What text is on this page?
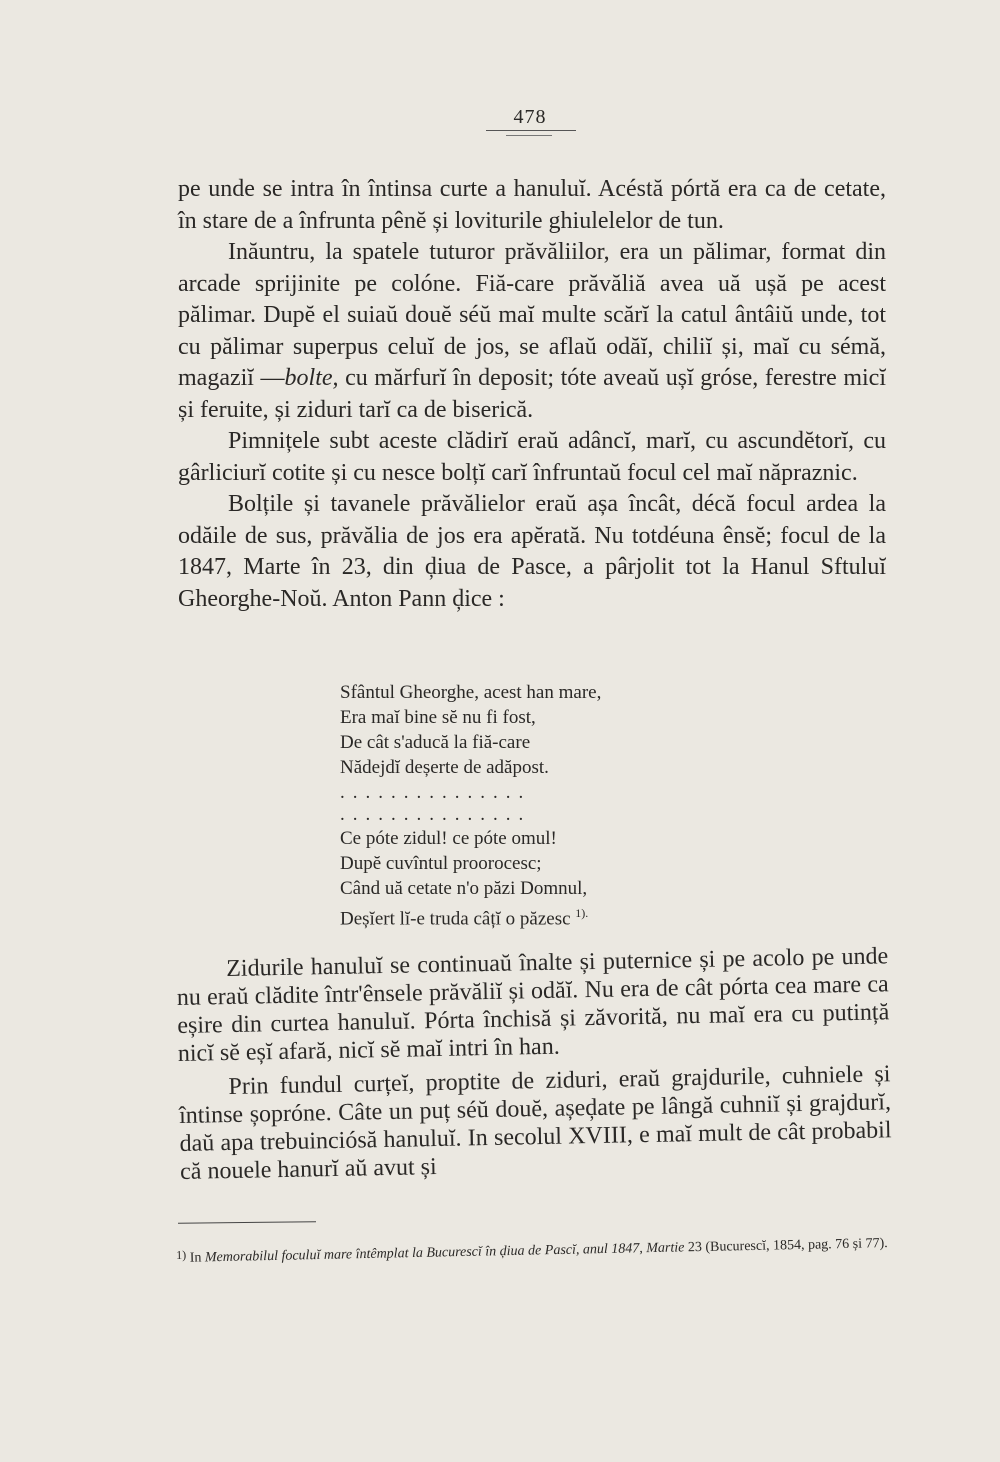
478

pe unde se intra în întinsa curte a hanuluĭ. Acéstă pórtă era ca de cetate, în stare de a înfrunta pênĕ și loviturile ghiulelelor de tun.

Inăuntru, la spatele tuturor prăvăliilor, era un pălimar, format din arcade sprijinite pe colóne. Fiă-care prăvăliă avea uă ușă pe acest pălimar. Dupĕ el suiaŭ douĕ séŭ maĭ multe scărĭ la catul ântâiŭ unde, tot cu pălimar superpus celuĭ de jos, se aflaŭ odăĭ, chiliĭ și, maĭ cu sémă, magaziĭ —bolte, cu mărfurĭ în deposit; tóte aveaŭ ușĭ gróse, ferestre micĭ și feruite, și ziduri tarĭ ca de biserică.

Pimnițele subt aceste clădirĭ eraŭ adâncĭ, marĭ, cu ascundĕtorĭ, cu gârliciurĭ cotite și cu nesce bolțĭ carĭ înfruntaŭ focul cel maĭ năpraznic.

Bolțile și tavanele prăvălielor eraŭ așa încât, décă focul ardea la odăile de sus, prăvălia de jos era apĕrată. Nu totdéuna ênsĕ; focul de la 1847, Marte în 23, din ḑiua de Pasce, a pârjolit tot la Hanul Sftuluĭ Gheorghe-Noŭ. Anton Pann ḑice :

Sfântul Gheorghe, acest han mare,
Era maĭ bine sĕ nu fi fost,
De cât s'aducă la fiă-care
Nădejdĭ deșerte de adăpost.
...............
...............
Ce póte zidul! ce póte omul!
Dupĕ cuvîntul proorocesc;
Când uă cetate n'o păzi Domnul,
Deșĭert lĭ-e truda câțĭ o păzesc $^{1).}$

Zidurile hanuluĭ se continuaŭ înalte și puternice și pe acolo pe unde nu eraŭ clădite într'ênsele prăvăliĭ și odăĭ. Nu era de cât pórta cea mare ca eșire din curtea hanuluĭ. Pórta închisă și zăvorită, nu maĭ era cu putință nicĭ sĕ eșĭ afară, nicĭ sĕ maĭ intri în han.

Prin fundul curțeĭ, proptite de ziduri, eraŭ grajdurile, cuhniele și întinse șopróne. Câte un puț séŭ douĕ, așeḑate pe lângă cuhniĭ și grajdurĭ, daŭ apa trebuinciósă hanuluĭ. In secolul XVIII, e maĭ mult de cât probabil că nouele hanurĭ aŭ avut și

1) In Memorabilul foculuĭ mare întêmplat la Bucurescĭ în ḑiua de Pascĭ, anul 1847, Martie 23 (Bucurescĭ, 1854, pag. 76 și 77).
